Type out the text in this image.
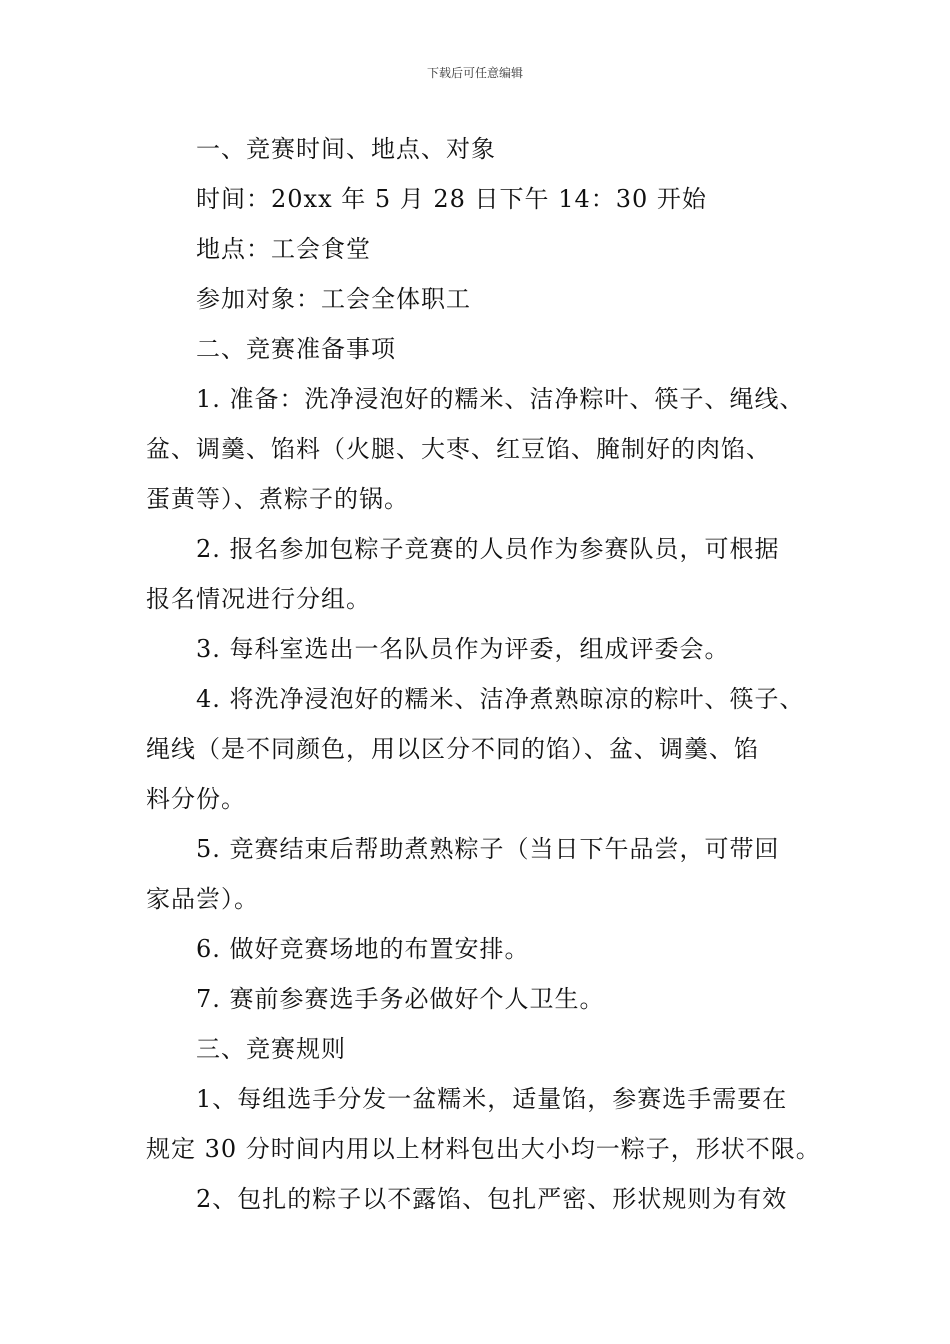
下载后可任意编辑
一、竞赛时间、地点、对象
时间：20xx 年 5 月 28 日下午 14：30 开始
地点：工会食堂
参加对象：工会全体职工
二、竞赛准备事项
1. 准备：洗净浸泡好的糯米、洁净粽叶、筷子、绳线、
盆、调羹、馅料（火腿、大枣、红豆馅、腌制好的肉馅、
蛋黄等）、煮粽子的锅。
2. 报名参加包粽子竞赛的人员作为参赛队员，可根据
报名情况进行分组。
3. 每科室选出一名队员作为评委，组成评委会。
4. 将洗净浸泡好的糯米、洁净煮熟晾凉的粽叶、筷子、
绳线（是不同颜色，用以区分不同的馅）、盆、调羹、馅
料分份。
5. 竞赛结束后帮助煮熟粽子（当日下午品尝，可带回
家品尝）。
6. 做好竞赛场地的布置安排。
7. 赛前参赛选手务必做好个人卫生。
三、竞赛规则
1、每组选手分发一盆糯米，适量馅，参赛选手需要在
规定 30 分时间内用以上材料包出大小均一粽子，形状不限。
2、包扎的粽子以不露馅、包扎严密、形状规则为有效
